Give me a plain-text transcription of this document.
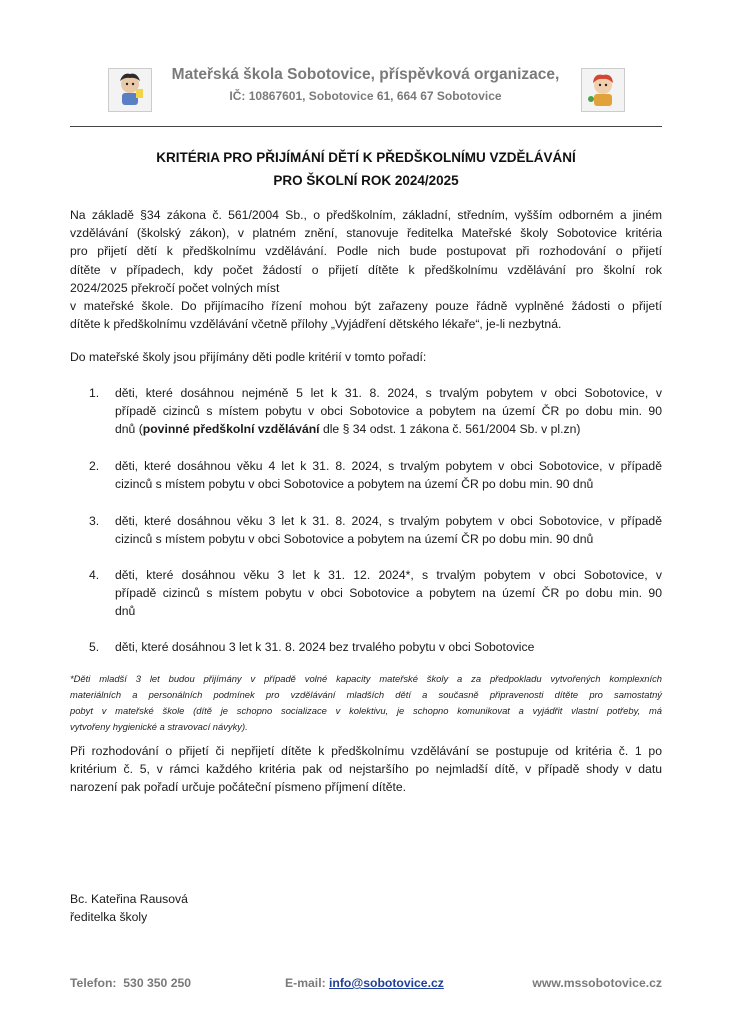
Mateřská škola Sobotovice, příspěvková organizace,
IČ: 10867601, Sobotovice 61, 664 67 Sobotovice
KRITÉRIA PRO PŘIJÍMÁNÍ DĚTÍ K PŘEDŠKOLNÍMU VZDĚLÁVÁNÍ
PRO ŠKOLNÍ ROK 2024/2025
Na základě §34 zákona č. 561/2004 Sb., o předškolním, základní, středním, vyšším odborném a jiném
vzdělávání (školský zákon), v platném znění, stanovuje ředitelka Mateřské školy Sobotovice kritéria
pro přijetí dětí k předškolnímu vzdělávání. Podle nich bude postupovat při rozhodování o přijetí
dítěte v případech, kdy počet žádostí o přijetí dítěte k předškolnímu vzdělávání pro školní rok
2024/2025 překročí počet volných míst
v mateřské škole. Do přijímacího řízení mohou být zařazeny pouze řádně vyplněné žádosti o přijetí
dítěte k předškolnímu vzdělávání včetně přílohy „Vyjádření dětského lékaře“, je-li nezbytná.
Do mateřské školy jsou přijímány děti podle kritérií v tomto pořadí:
1.	děti, které dosáhnou nejméně 5 let k 31. 8. 2024, s trvalým pobytem v obci Sobotovice, v
případě cizinců s místem pobytu v obci Sobotovice a pobytem na území ČR po dobu min. 90
dnů (povinné předškolní vzdělávání dle § 34 odst. 1 zákona č. 561/2004 Sb. v pl.zn)
2.	děti, které dosáhnou věku 4 let k 31. 8. 2024, s trvalým pobytem v obci Sobotovice, v případě
cizinců s místem pobytu v obci Sobotovice a pobytem na území ČR po dobu min. 90 dnů
3.	děti, které dosáhnou věku 3 let k 31. 8. 2024, s trvalým pobytem v obci Sobotovice, v případě
cizinců s místem pobytu v obci Sobotovice a pobytem na území ČR po dobu min. 90 dnů
4.	děti, které dosáhnou věku 3 let k 31. 12. 2024*, s trvalým pobytem v obci Sobotovice, v
případě cizinců s místem pobytu v obci Sobotovice a pobytem na území ČR po dobu min. 90
dnů
5.	děti, které dosáhnou 3 let k 31. 8. 2024 bez trvalého pobytu v obci Sobotovice
*Děti mladší 3 let budou přijímány v případě volné kapacity mateřské školy a za předpokladu vytvořených komplexních
materiálních a personálních podmínek pro vzdělávání mladších dětí a současně připravenosti dítěte pro samostatný
pobyt v mateřské škole (dítě je schopno socializace v kolektivu, je schopno komunikovat a vyjádřit vlastní potřeby, má
vytvořeny hygienické a stravovací návyky).
Při rozhodování o přijetí či nepřijetí dítěte k předškolnímu vzdělávání se postupuje od kritéria č. 1 po
kritérium č. 5, v rámci každého kritéria pak od nejstaršího po nejmladší dítě, v případě shody v datu
narození pak pořadí určuje počáteční písmeno příjmení dítěte.
Bc. Kateřina Rausová
ředitelka školy
Telefon: 530 350 250	E-mail: info@sobotovice.cz	www.mssobotovice.cz
